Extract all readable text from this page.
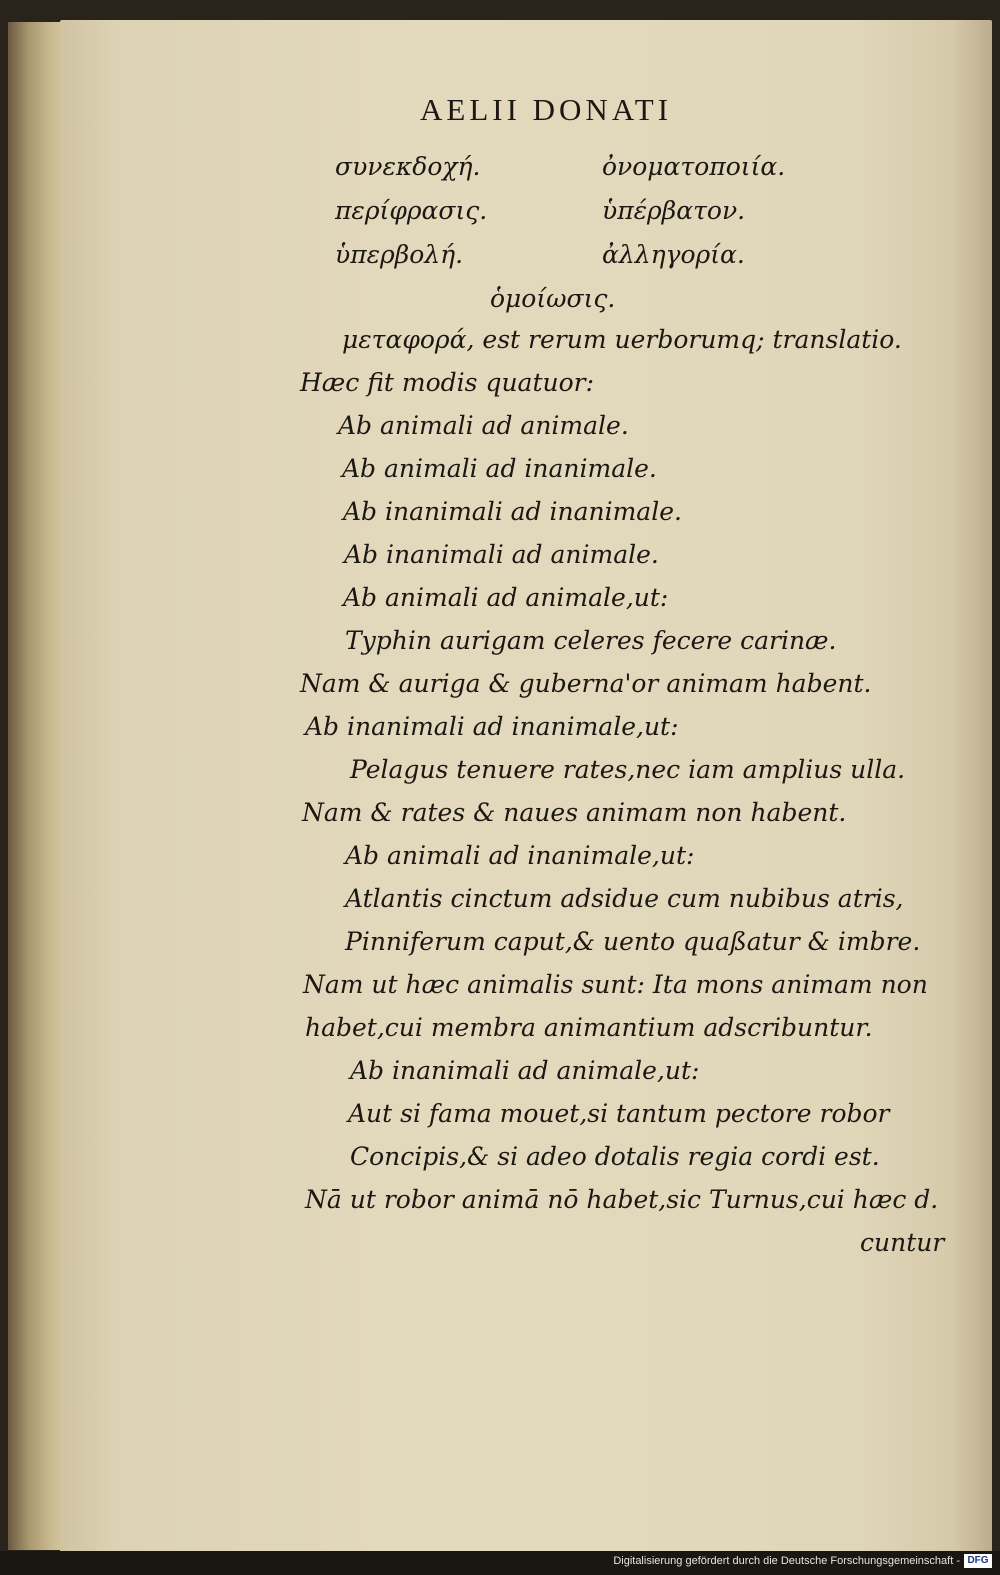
AELII DONATI
συνεκδοχή.	ὀνοματοποιία.
περίφρασις.	ὑπέρβατον.
ὑπερβολή.	ἀλληγορία.
ὁμοίωσις.
μεταφορά, est rerum uerborumq; translatio.
Hæc fit modis quatuor:
Ab animali ad animale.
Ab animali ad inanimale.
Ab inanimali ad inanimale.
Ab inanimali ad animale.
Ab animali ad animale,ut:
Typhin aurigam celeres fecere carinæ.
Nam & auriga & guberna'or animam habent.
Ab inanimali ad inanimale,ut:
Pelagus tenuere rates,nec iam amplius ulla.
Nam & rates & naues animam non habent.
Ab animali ad inanimale,ut:
Atlantis cinctum adsidue cum nubibus atris,
Pinniferum caput,& uento quaßatur & imbre.
Nam ut hæc animalis sunt: Ita mons animam non
habet,cui membra animantium adscribuntur.
Ab inanimali ad animale,ut:
Aut si fama mouet,si tantum pectore robor
Concipis,& si adeo dotalis regia cordi est.
Nā ut robor animā nō habet,sic Turnus,cui hæc d.
cuntur
Digitalisierung gefördert durch die Deutsche Forschungsgemeinschaft - DFG
